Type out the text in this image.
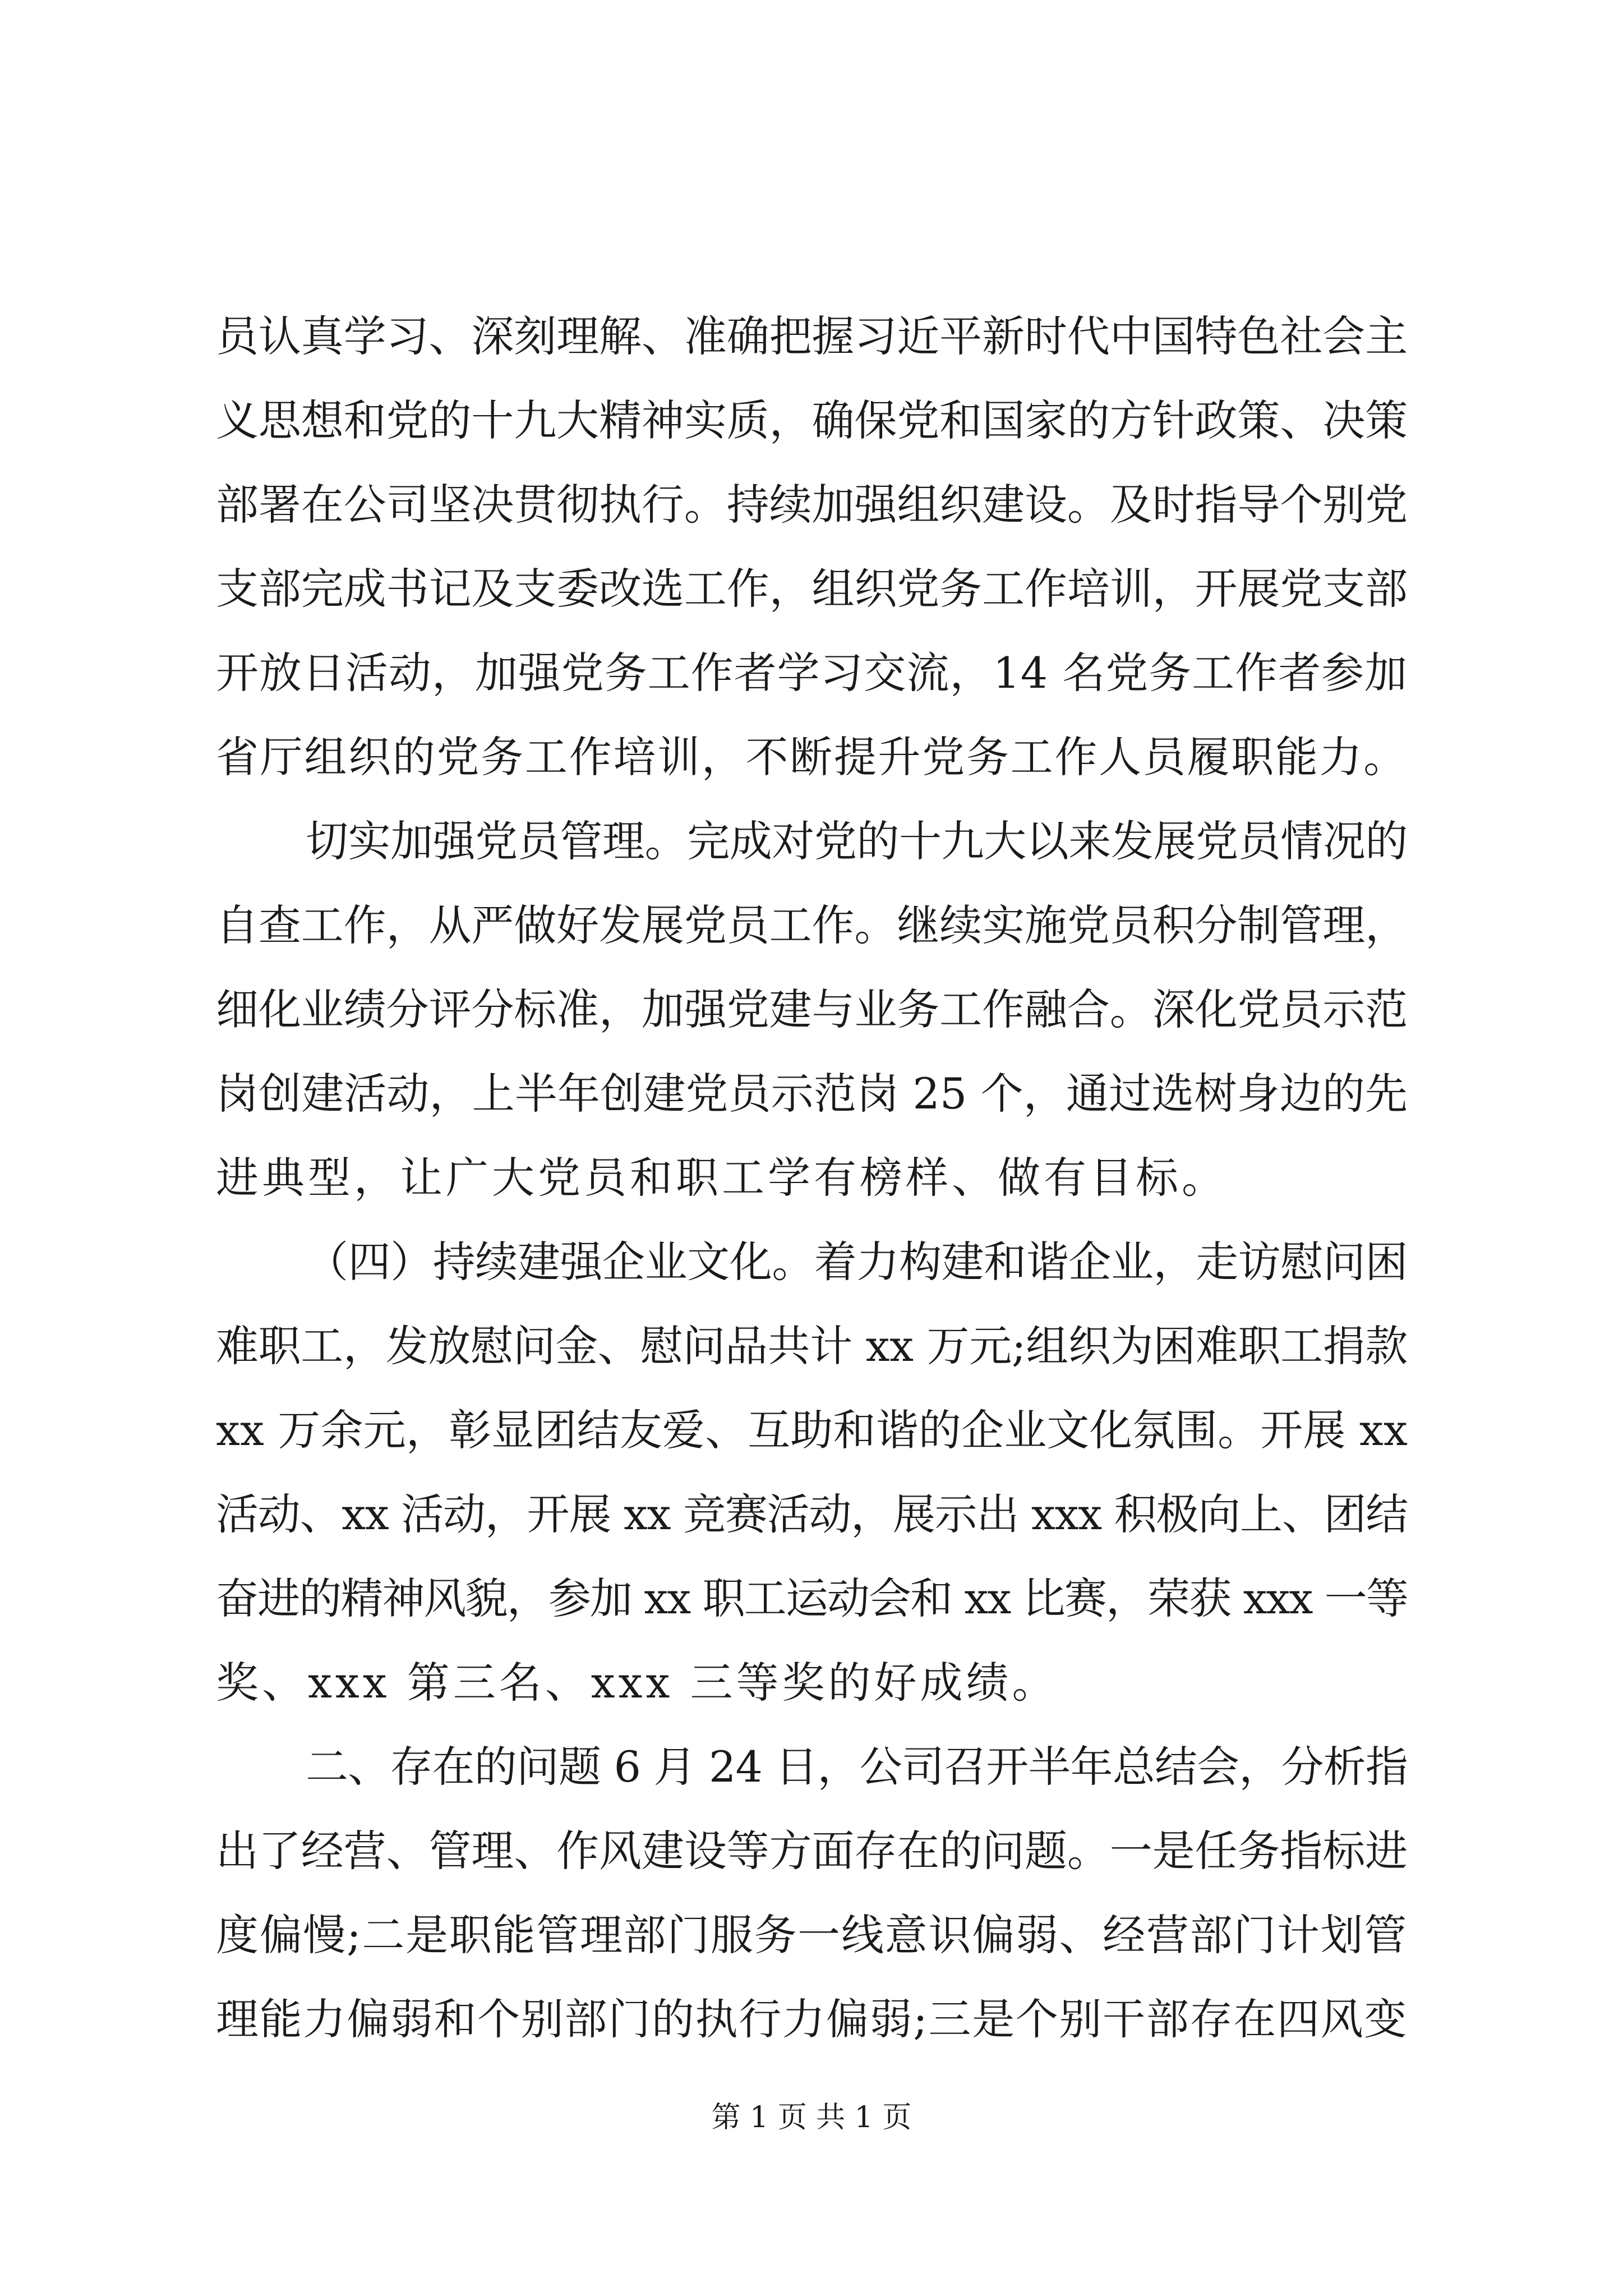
员认真学习、深刻理解、准确把握习近平新时代中国特色社会主

义思想和党的十九大精神实质，确保党和国家的方针政策、决策

部署在公司坚决贯彻执行。持续加强组织建设。及时指导个别党

支部完成书记及支委改选工作，组织党务工作培训，开展党支部

开放日活动，加强党务工作者学习交流，14 名党务工作者参加

省厅组织的党务工作培训，不断提升党务工作人员履职能力。

切实加强党员管理。完成对党的十九大以来发展党员情况的

自查工作，从严做好发展党员工作。继续实施党员积分制管理，

细化业绩分评分标准，加强党建与业务工作融合。深化党员示范

岗创建活动，上半年创建党员示范岗 25 个，通过选树身边的先

进典型，让广大党员和职工学有榜样、做有目标。

（四）持续建强企业文化。着力构建和谐企业，走访慰问困

难职工，发放慰问金、慰问品共计 xx 万元;组织为困难职工捐款

xx 万余元，彰显团结友爱、互助和谐的企业文化氛围。开展 xx

活动、xx 活动，开展 xx 竞赛活动，展示出 xxx 积极向上、团结

奋进的精神风貌，参加 xx 职工运动会和 xx 比赛，荣获 xxx 一等

奖、xxx 第三名、xxx 三等奖的好成绩。

二、存在的问题 6 月 24 日，公司召开半年总结会，分析指

出了经营、管理、作风建设等方面存在的问题。一是任务指标进

度偏慢;二是职能管理部门服务一线意识偏弱、经营部门计划管

理能力偏弱和个别部门的执行力偏弱;三是个别干部存在四风变

第 1 页 共 1 页
